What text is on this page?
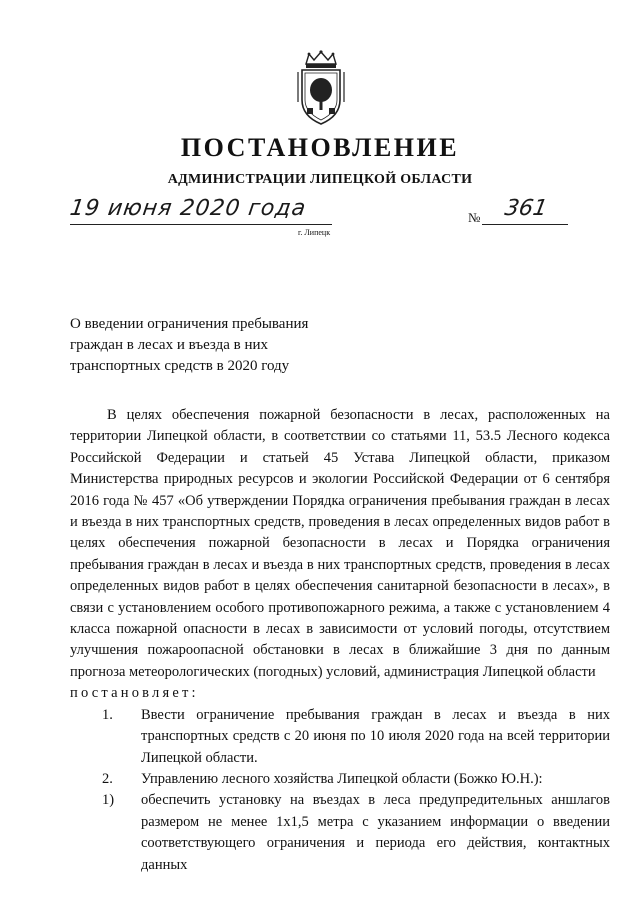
ПОСТАНОВЛЕНИЕ
АДМИНИСТРАЦИИ ЛИПЕЦКОЙ ОБЛАСТИ
19 июня 2020 года
г. Липецк
№ 361
О введении ограничения пребывания
граждан в лесах и въезда в них
транспортных средств в 2020 году

В целях обеспечения пожарной безопасности в лесах, расположенных на территории Липецкой области, в соответствии со статьями 11, 53.5 Лесного кодекса Российской Федерации и статьей 45 Устава Липецкой области, приказом Министерства природных ресурсов и экологии Российской Федерации от 6 сентября 2016 года № 457 «Об утверждении Порядка ограничения пребывания граждан в лесах и въезда в них транспортных средств, проведения в лесах определенных видов работ в целях обеспечения пожарной безопасности в лесах и Порядка ограничения пребывания граждан в лесах и въезда в них транспортных средств, проведения в лесах определенных видов работ в целях обеспечения санитарной безопасности в лесах», в связи с установлением особого противопожарного режима, а также с установлением 4 класса пожарной опасности в лесах в зависимости от условий погоды, отсутствием улучшения пожароопасной обстановки в лесах в ближайшие 3 дня по данным прогноза метеорологических (погодных) условий, администрация Липецкой области

постановляет:

1.	Ввести ограничение пребывания граждан в лесах и въезда в них транспортных средств с 20 июня по 10 июля 2020 года на всей территории Липецкой области.
2.	Управлению лесного хозяйства Липецкой области (Божко Ю.Н.):
1)	обеспечить установку на въездах в леса предупредительных аншлагов размером не менее 1х1,5 метра с указанием информации о введении соответствующего ограничения и периода его действия, контактных данных
